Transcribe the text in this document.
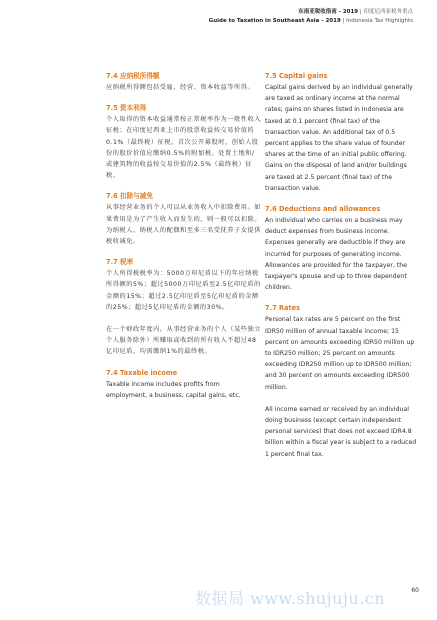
东南亚税收指南 - 2019 | 印度尼西亚税务重点
Guide to Taxation in Southeast Asia - 2019 | Indonesia Tax Highlights
7.4 应纳税所得额
应纳税所得额包括受雇、经营、资本收益等所得。
7.5 资本利得
个人取得的资本收益通常按正常税率作为一般性收入征税；在印度尼西亚上市的股票收益按交易价值的0.1%（最终税）征税。首次公开募股时，创始人股份的股价价值应缴纳0.5%的附加税。处置土地和/或建筑物的收益按交易价值的2.5%（最终税）征税。
7.6 扣除与减免
从事经营业务的个人可以从业务收入中扣除费用。如果费用是为了产生收入而发生的，则一般可以扣除。为纳税人、纳税人的配偶和至多三名受抚养子女提供税收减免。
7.7 税率
个人所得税税率为：5000万印尼盾以下的年应纳税所得额的5%；超过5000万印尼盾至2.5亿印尼盾的金额的15%；超过2.5亿印尼盾至5亿印尼盾的金额的25%；超过5亿印尼盾的金额的30%。
在一个财政年度内，从事经营业务的个人（某些独立个人服务除外）所赚取或收到的所有收入不超过48亿印尼盾，均需缴纳1%的最终税。
7.4 Taxable income
Taxable income includes profits from employment, a business, capital gains, etc.
7.5 Capital gains
Capital gains derived by an individual generally are taxed as ordinary income at the normal rates; gains on shares listed in Indonesia are taxed at 0.1 percent (final tax) of the transaction value. An additional tax of 0.5 percent applies to the share value of founder shares at the time of an initial public offering. Gains on the disposal of land and/or buildings are taxed at 2.5 percent (final tax) of the transaction value.
7.6 Deductions and allowances
An individual who carries on a business may deduct expenses from business income. Expenses generally are deductible if they are incurred for purposes of generating income. Allowances are provided for the taxpayer, the taxpayer's spouse and up to three dependent children.
7.7 Rates
Personal tax rates are 5 percent on the first IDR50 million of annual taxable income; 15 percent on amounts exceeding IDR50 million up to IDR250 million; 25 percent on amounts exceeding IDR250 million up to IDR500 million; and 30 percent on amounts exceeding IDR500 million.
All income earned or received by an individual doing business (except certain independent personal services) that does not exceed IDR4.8 billion within a fiscal year is subject to a reduced 1 percent final tax.
数据局 www.shujuju.cn	60
